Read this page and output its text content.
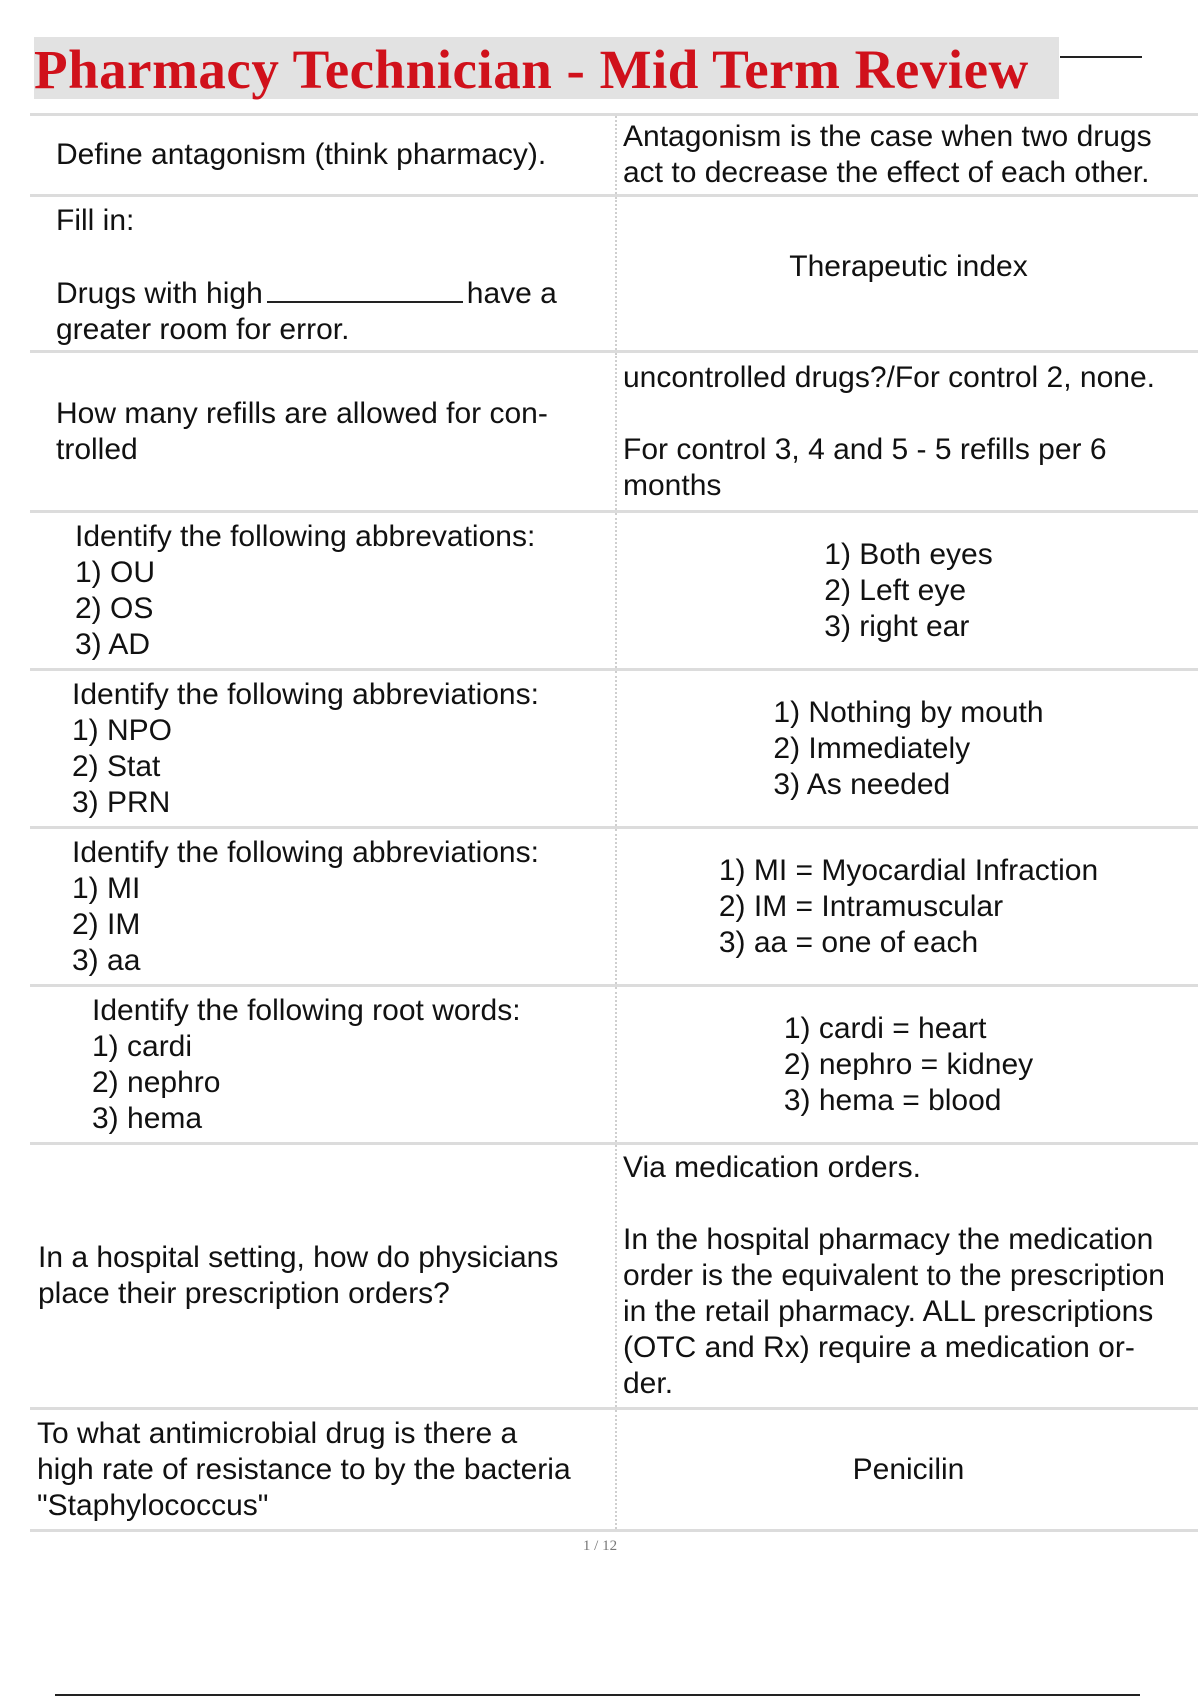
Pharmacy Technician - Mid Term Review
Define antagonism (think pharmacy).
Antagonism is the case when two drugs
act to decrease the effect of each other.
Fill in:
Drugs with high	have a
greater room for error.
Therapeutic index
How many refills are allowed for con-
trolled
uncontrolled drugs?/For control 2, none.
For control 3, 4 and 5 - 5 refills per 6
months
Identify the following abbrevations:
1) OU
2) OS
3) AD
1) Both eyes
2) Left eye
3) right ear
Identify the following abbreviations:
1) NPO
2) Stat
3) PRN
1) Nothing by mouth
2) Immediately
3) As needed
Identify the following abbreviations:
1) MI
2) IM
3) aa
1) MI = Myocardial Infraction
2) IM = Intramuscular
3) aa = one of each
Identify the following root words:
1) cardi
2) nephro
3) hema
1) cardi = heart
2) nephro = kidney
3) hema = blood
In a hospital setting, how do physicians
place their prescription orders?
Via medication orders.
In the hospital pharmacy the medication
order is the equivalent to the prescription
in the retail pharmacy. ALL prescriptions
(OTC and Rx) require a medication or-
der.
To what antimicrobial drug is there a
high rate of resistance to by the bacteria
"Staphylococcus"
Penicilin
1 / 12
